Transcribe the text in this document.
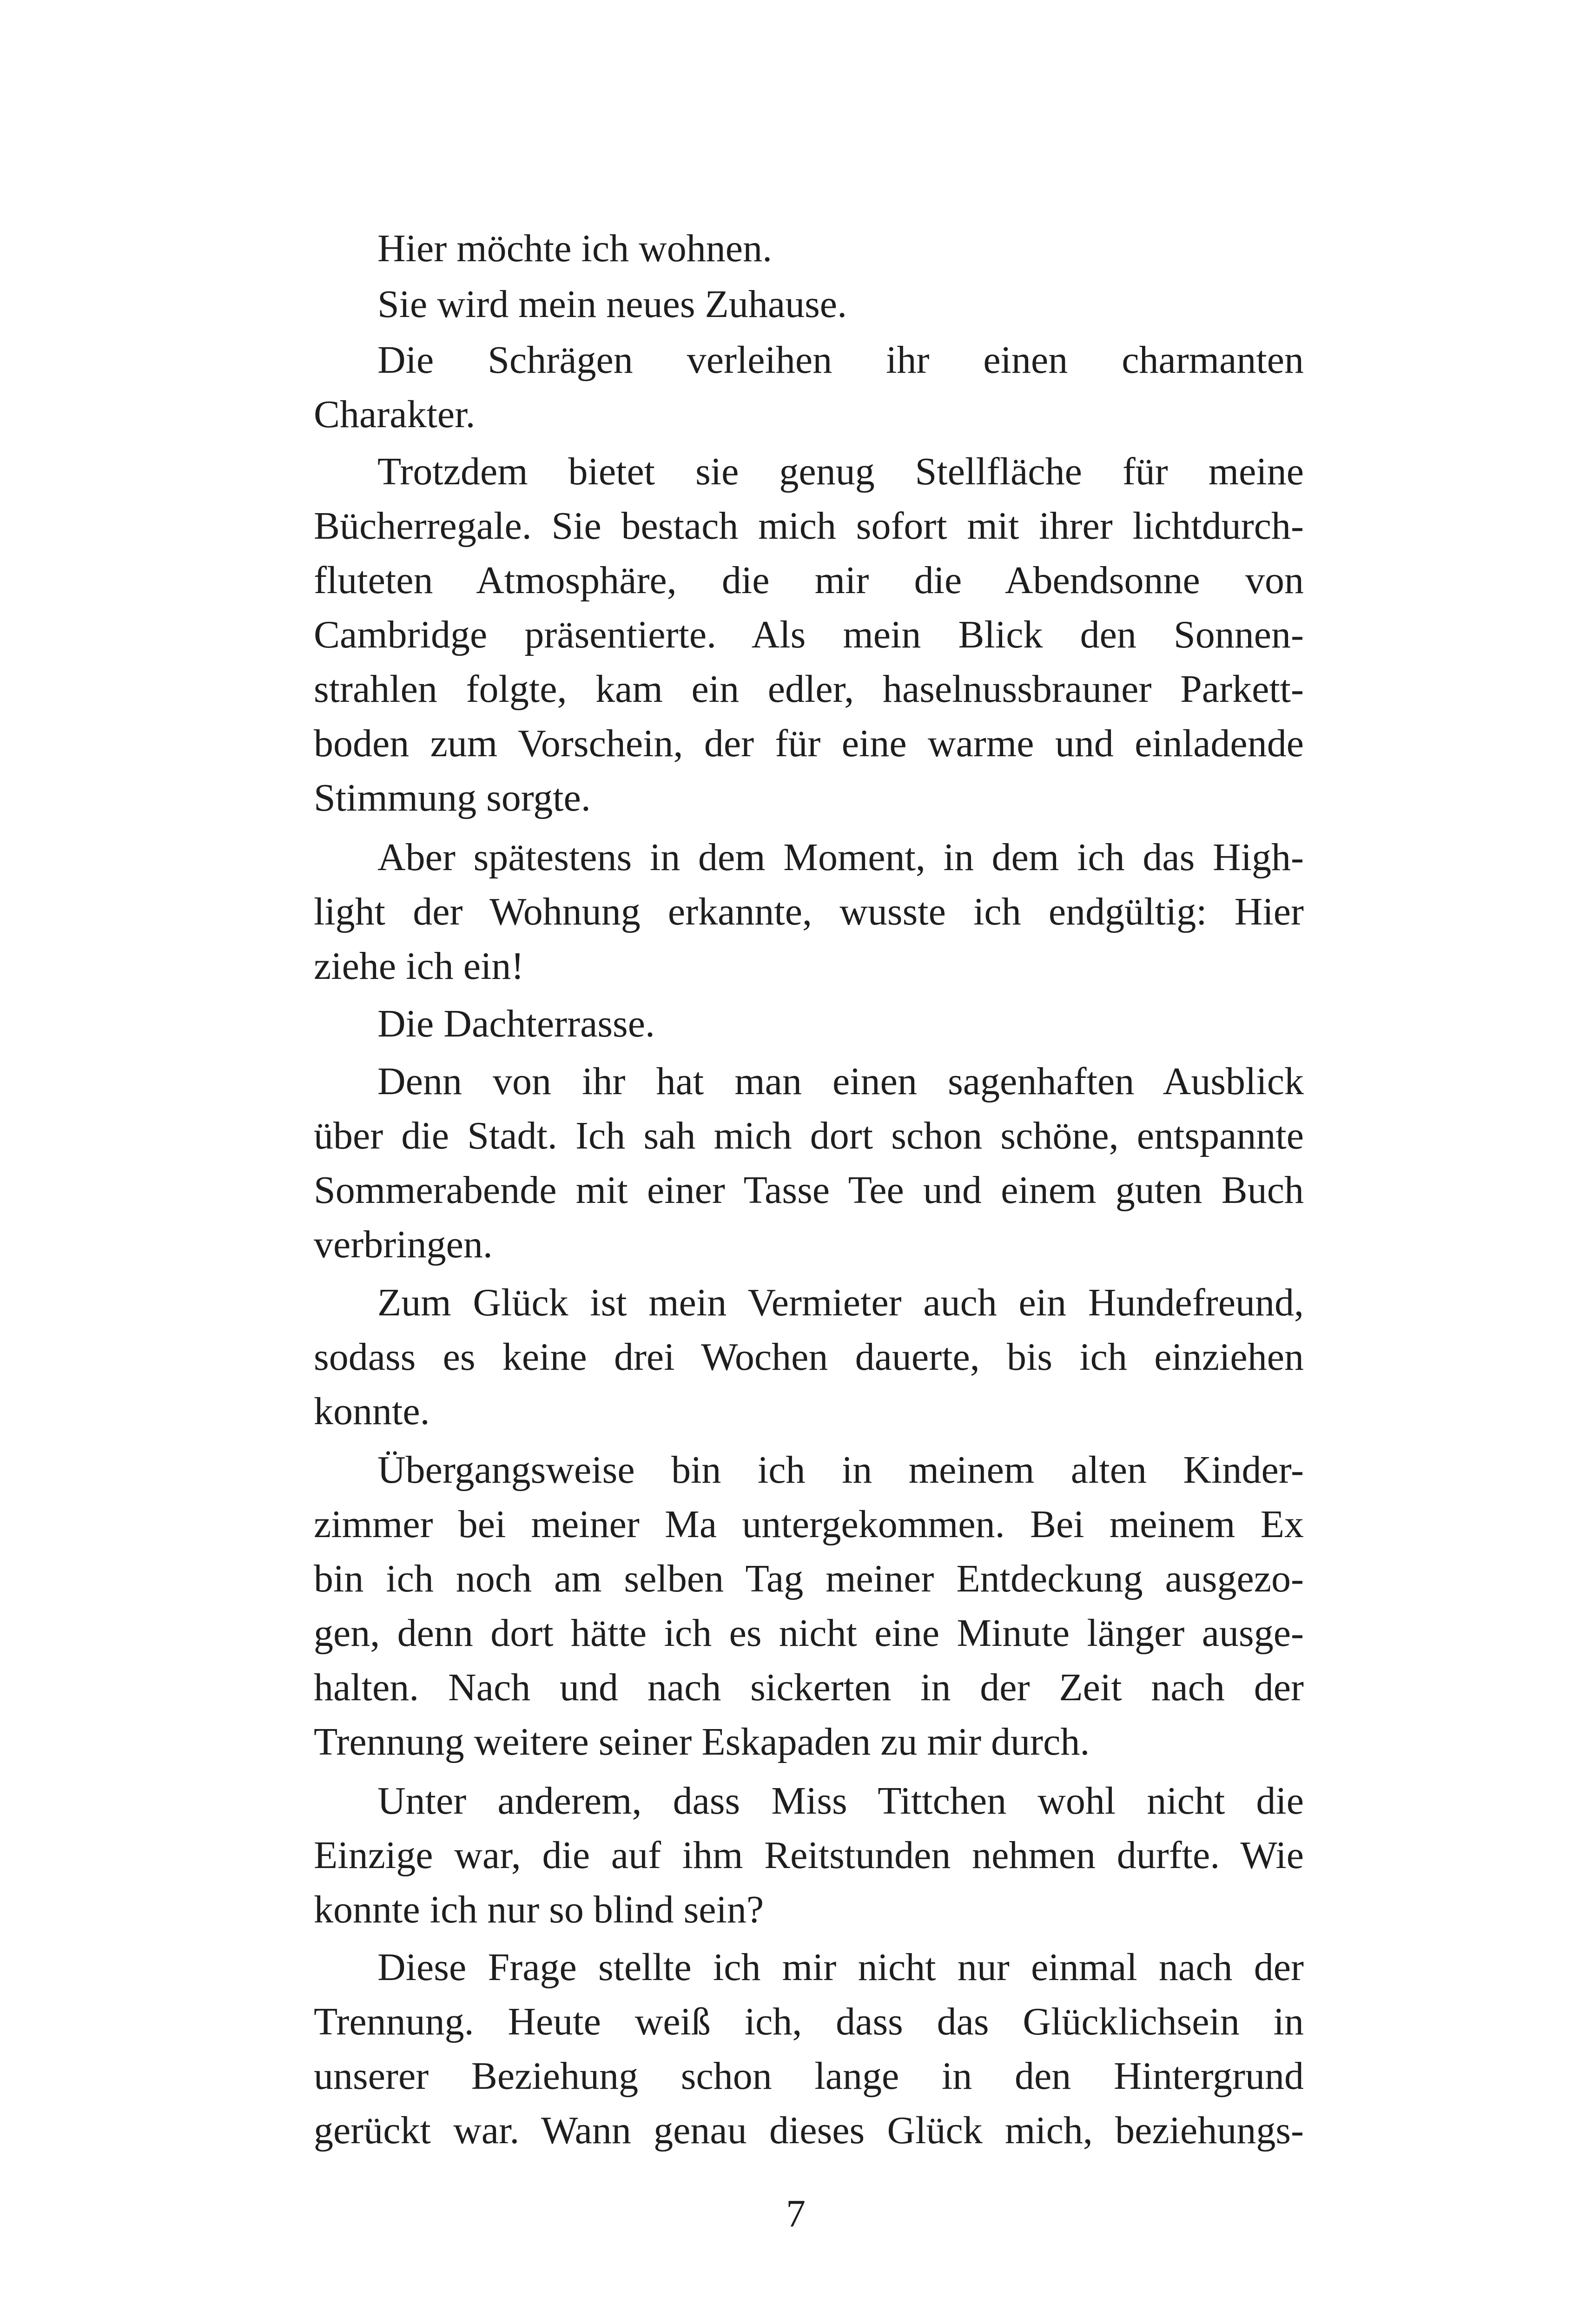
Hier möchte ich wohnen.
Sie wird mein neues Zuhause.
Die Schrägen verleihen ihr einen charmanten
Charakter.
Trotzdem bietet sie genug Stellfläche für meine
Bücherregale. Sie bestach mich sofort mit ihrer lichtdurch-
fluteten Atmosphäre, die mir die Abendsonne von
Cambridge präsentierte. Als mein Blick den Sonnen-
strahlen folgte, kam ein edler, haselnussbrauner Parkett-
boden zum Vorschein, der für eine warme und einladende
Stimmung sorgte.
Aber spätestens in dem Moment, in dem ich das High-
light der Wohnung erkannte, wusste ich endgültig: Hier
ziehe ich ein!
Die Dachterrasse.
Denn von ihr hat man einen sagenhaften Ausblick
über die Stadt. Ich sah mich dort schon schöne, entspannte
Sommerabende mit einer Tasse Tee und einem guten Buch
verbringen.
Zum Glück ist mein Vermieter auch ein Hundefreund,
sodass es keine drei Wochen dauerte, bis ich einziehen
konnte.
Übergangsweise bin ich in meinem alten Kinder-
zimmer bei meiner Ma untergekommen. Bei meinem Ex
bin ich noch am selben Tag meiner Entdeckung ausgezo-
gen, denn dort hätte ich es nicht eine Minute länger ausge-
halten. Nach und nach sickerten in der Zeit nach der
Trennung weitere seiner Eskapaden zu mir durch.
Unter anderem, dass Miss Tittchen wohl nicht die
Einzige war, die auf ihm Reitstunden nehmen durfte. Wie
konnte ich nur so blind sein?
Diese Frage stellte ich mir nicht nur einmal nach der
Trennung. Heute weiß ich, dass das Glücklichsein in
unserer Beziehung schon lange in den Hintergrund
gerückt war. Wann genau dieses Glück mich, beziehungs-
7
